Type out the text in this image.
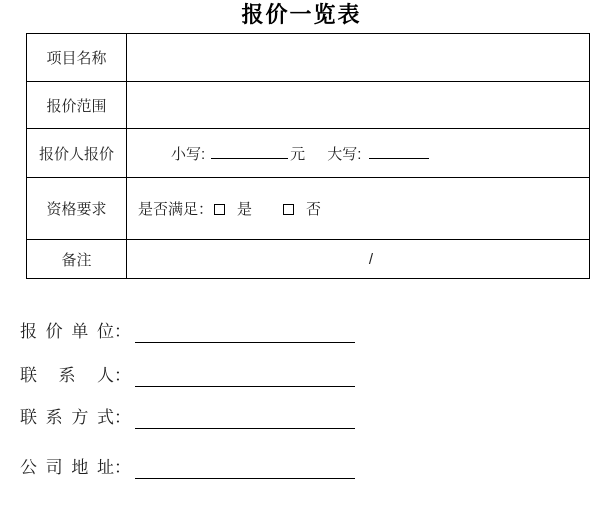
报价一览表
项目名称	
报价范围	
报价人报价	小写: 元 大写:
资格要求	是否满足： 是 否
备注	/
报价单位：
联 系 人：
联系方式：
公司地址：
